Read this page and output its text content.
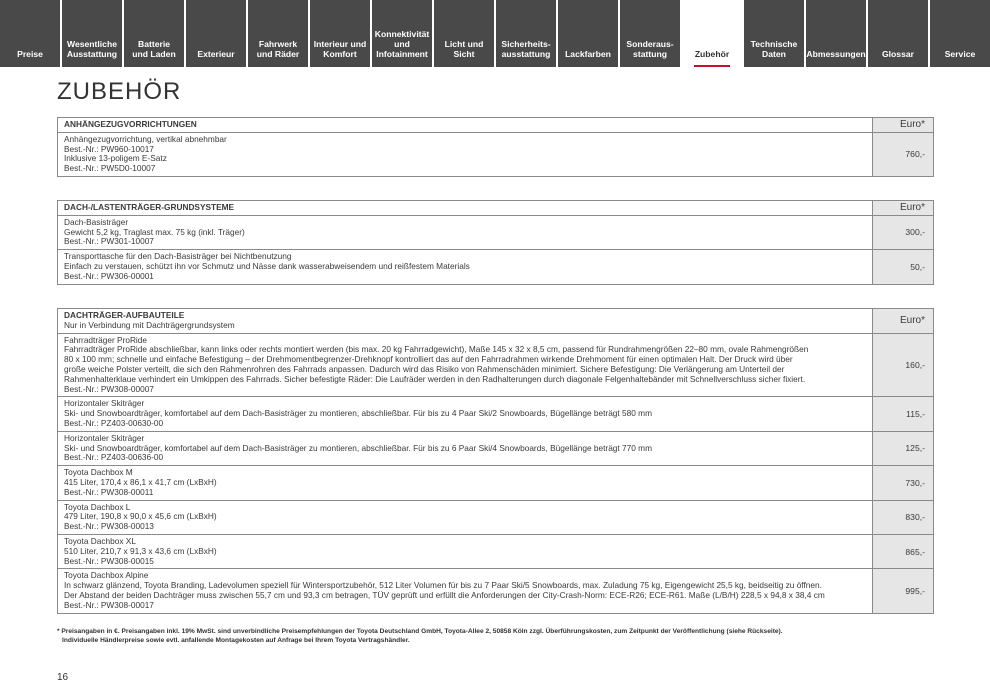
Preise
Wesentliche
Ausstattung
Batterie
und Laden	Exterieur
Fahrwerk
und Räder
Interieur und
Komfort
Konnektivität
und
Infotainment
Licht und Sicht
Sicherheits-
ausstattung	Lackfarben
Sonderaus-
stattung	Zubehör
Technische
Daten	Abmessungen	Glossar	Service
ZUBEHÖR
ANHÄNGEZUGVORRICHTUNGEN	Euro*
Anhängezugvorrichtung, vertikal abnehmbar
Best.-Nr.: PW960-10017
Inklusive 13-poligem E-Satz
Best.-Nr.: PW5D0-10007
760,-
DACH-/LASTENTRÄGER-GRUNDSYSTEME	Euro*
Dach-Basisträger
Gewicht 5,2 kg, Traglast max. 75 kg (inkl. Träger)
Best.-Nr.: PW301-10007
300,-
Transporttasche für den Dach-Basisträger bei Nichtbenutzung
Einfach zu verstauen, schützt ihn vor Schmutz und Nässe dank wasserabweisendem und reißfestem Materials
Best.-Nr.: PW306-00001
50,-
DACHTRÄGER-AUFBAUTEILE
Nur in Verbindung mit Dachträgergrundsystem	Euro*
Fahrradträger ProRide
Fahrradträger ProRide abschließbar, kann links oder rechts montiert werden (bis max. 20 kg Fahrradgewicht), Maße 145 x 32 x 8,5 cm, passend für Rundrahmengrößen 22–80 mm, ovale Rahmengrößen
80 x 100 mm; schnelle und einfache Befestigung – der Drehmomentbegrenzer-Drehknopf kontrolliert das auf den Fahrradrahmen wirkende Drehmoment für einen optimalen Halt. Der Druck wird über
große weiche Polster verteilt, die sich den Rahmenrohren des Fahrrads anpassen. Dadurch wird das Risiko von Rahmenschäden minimiert. Sichere Befestigung: Die Verlängerung am Unterteil der
Rahmenhalterklaue verhindert ein Umkippen des Fahrrads. Sicher befestigte Räder: Die Laufräder werden in den Radhalterungen durch diagonale Felgenhaltebänder mit Schnellverschluss sicher fixiert.
Best.-Nr.: PW308-00007
160,-
Horizontaler Skiträger
Ski- und Snowboardträger, komfortabel auf dem Dach-Basisträger zu montieren, abschließbar. Für bis zu 4 Paar Ski/2 Snowboards, Bügellänge beträgt 580 mm
Best.-Nr.: PZ403-00630-00
115,-
Horizontaler Skiträger
Ski- und Snowboardträger, komfortabel auf dem Dach-Basisträger zu montieren, abschließbar. Für bis zu 6 Paar Ski/4 Snowboards, Bügellänge beträgt 770 mm
Best.-Nr.: PZ403-00636-00
125,-
Toyota Dachbox M
415 Liter, 170,4 x 86,1 x 41,7 cm (LxBxH)
Best.-Nr.: PW308-00011
730,-
Toyota Dachbox L
479 Liter, 190,8 x 90,0 x 45,6 cm (LxBxH)
Best.-Nr.: PW308-00013
830,-
Toyota Dachbox XL
510 Liter, 210,7 x 91,3 x 43,6 cm (LxBxH)
Best.-Nr.: PW308-00015
865,-
Toyota Dachbox Alpine
In schwarz glänzend, Toyota Branding, Ladevolumen speziell für Wintersportzubehör, 512 Liter Volumen für bis zu 7 Paar Ski/5 Snowboards, max. Zuladung 75 kg, Eigengewicht 25,5 kg, beidseitig zu öffnen.
Der Abstand der beiden Dachträger muss zwischen 55,7 cm und 93,3 cm betragen, TÜV geprüft und erfüllt die Anforderungen der City-Crash-Norm: ECE-R26; ECE-R61. Maße (L/B/H) 228,5 x 94,8 x 38,4 cm
Best.-Nr.: PW308-00017
995,-
* Preisangaben in €. Preisangaben inkl. 19% MwSt. sind unverbindliche Preisempfehlungen der Toyota Deutschland GmbH, Toyota-Allee 2, 50858 Köln zzgl. Überführungskosten, zum Zeitpunkt der Veröffentlichung (siehe Rückseite).
Individuelle Händlerpreise sowie evtl. anfallende Montagekosten auf Anfrage bei Ihrem Toyota Vertragshändler.
16
